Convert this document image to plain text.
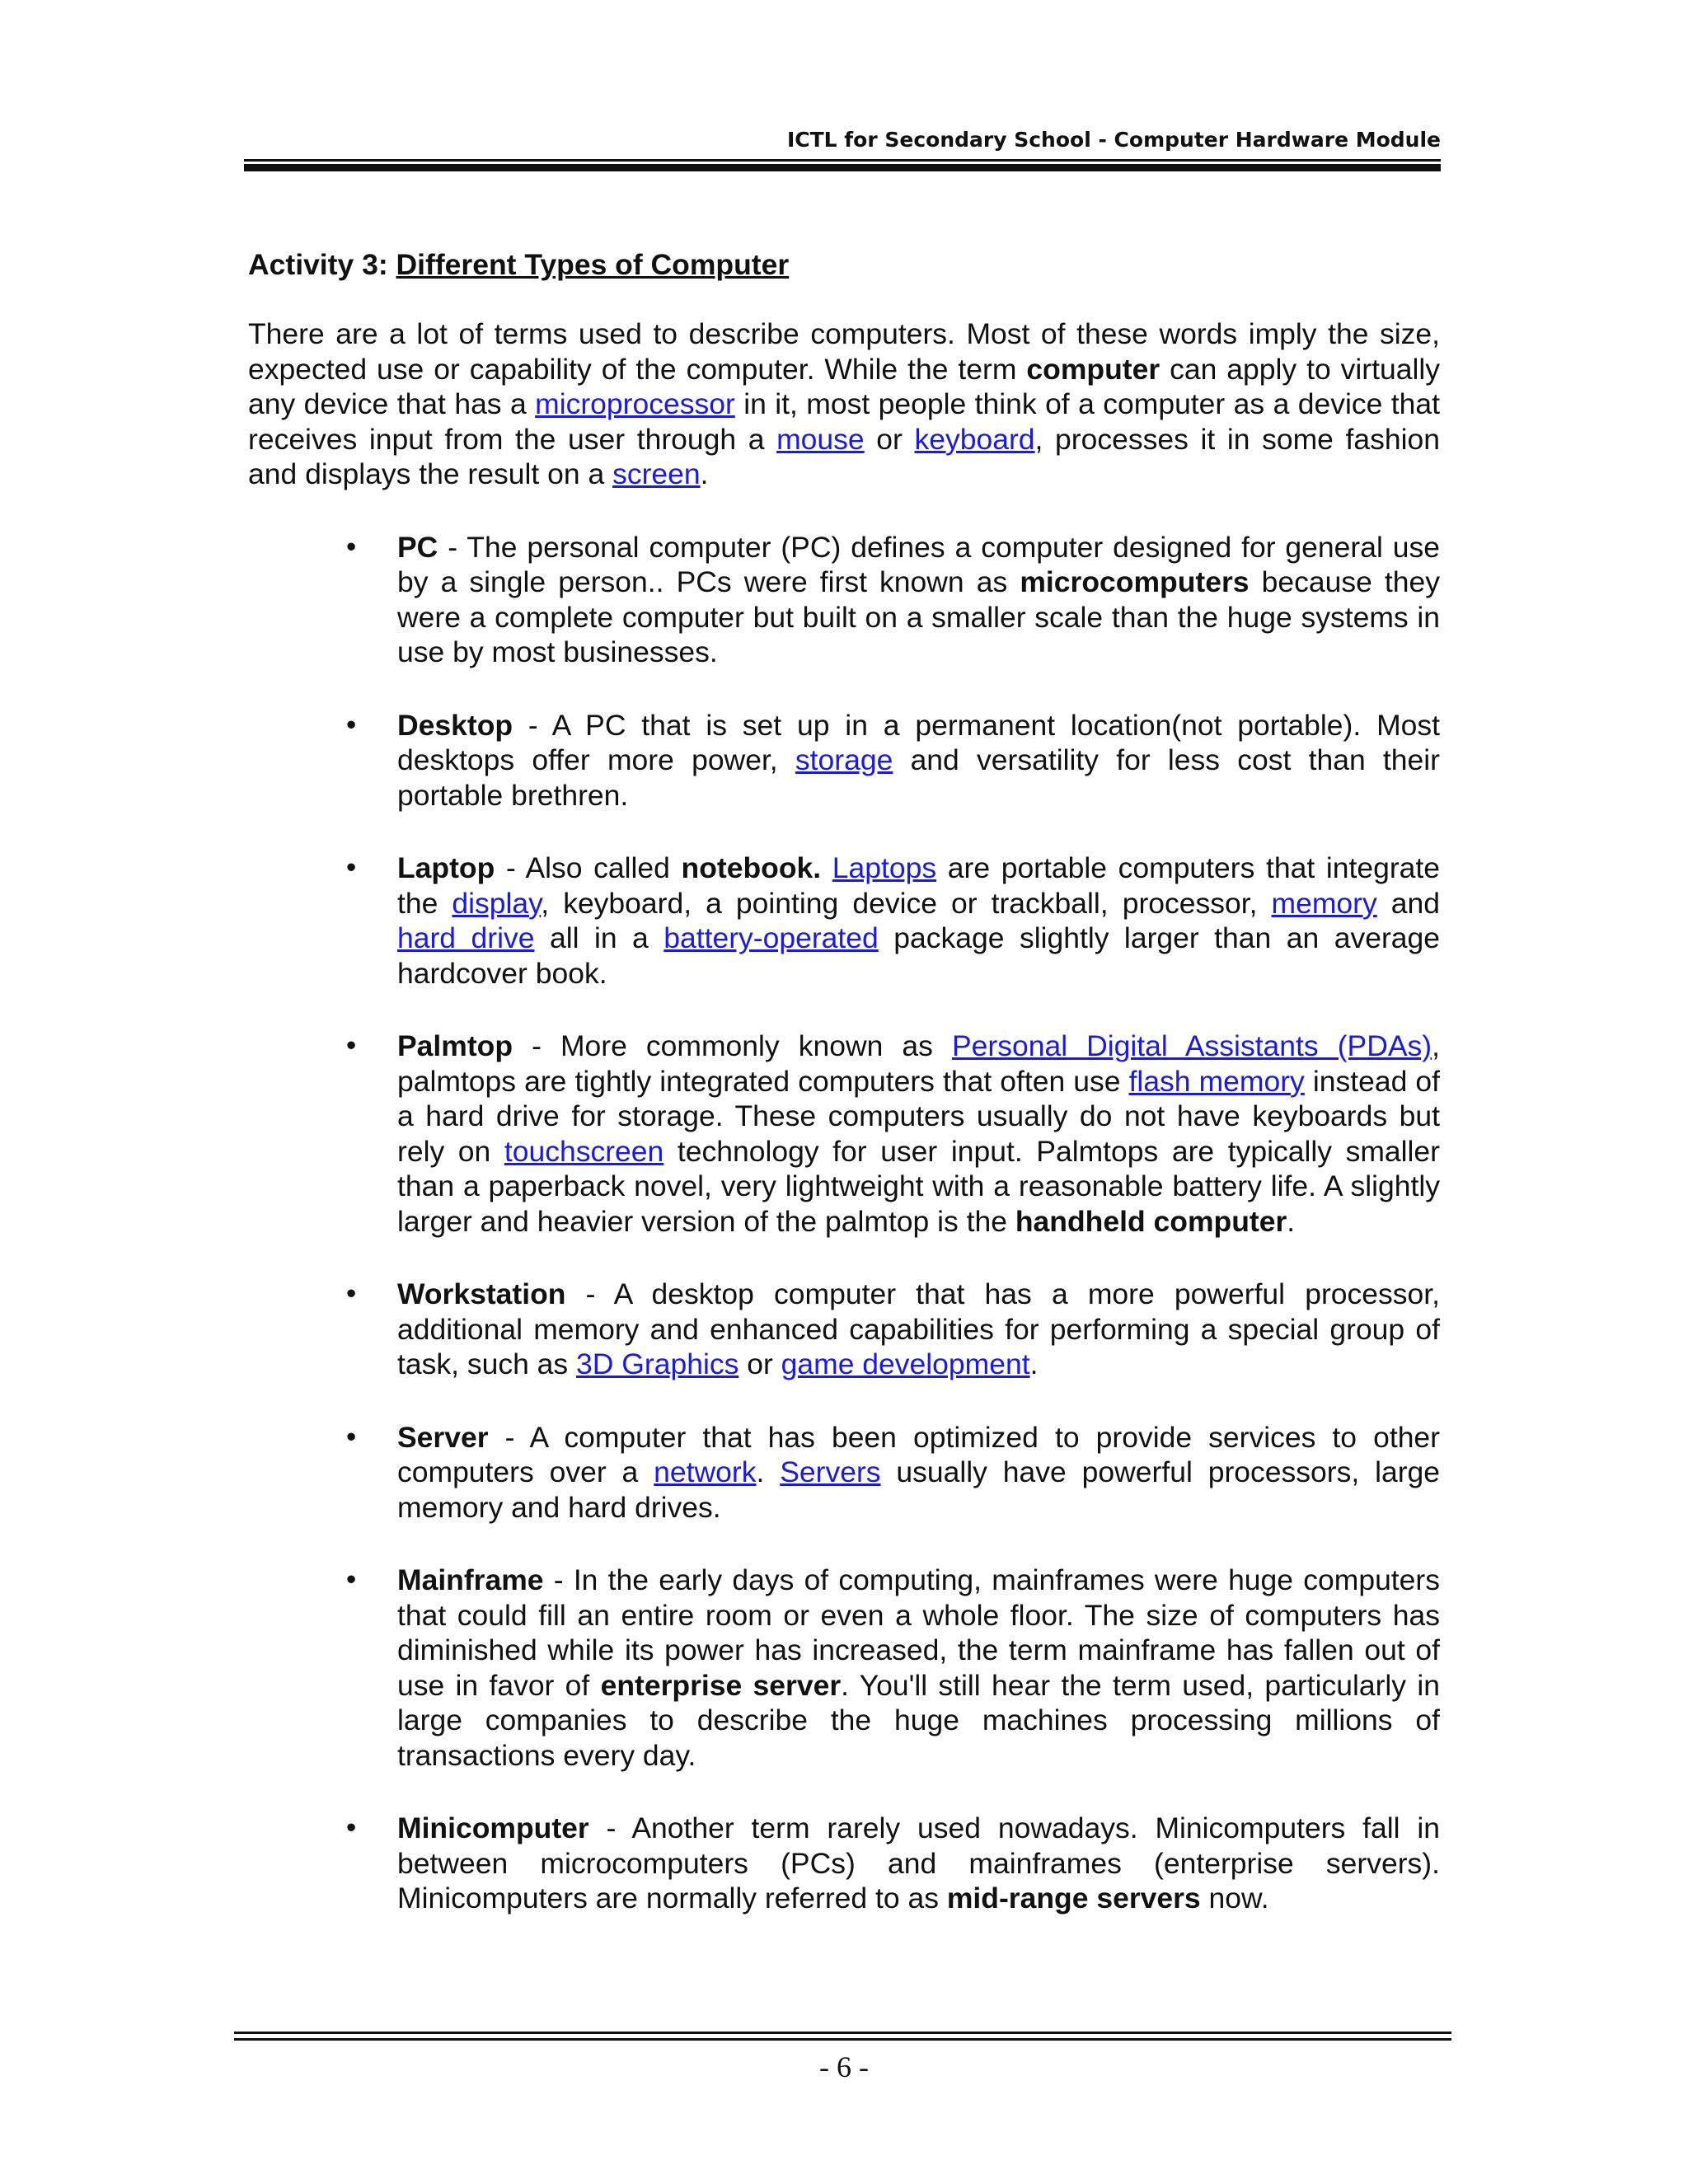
ICTL for Secondary School - Computer Hardware Module
Activity 3: Different Types of Computer

There are a lot of terms used to describe computers. Most of these words imply the size, expected use or capability of the computer. While the term computer can apply to virtually any device that has a microprocessor in it, most people think of a computer as a device that receives input from the user through a mouse or keyboard, processes it in some fashion and displays the result on a screen.

• PC - The personal computer (PC) defines a computer designed for general use by a single person.. PCs were first known as microcomputers because they were a complete computer but built on a smaller scale than the huge systems in use by most businesses.
• Desktop - A PC that is set up in a permanent location(not portable). Most desktops offer more power, storage and versatility for less cost than their portable brethren.
• Laptop - Also called notebook. Laptops are portable computers that integrate the display, keyboard, a pointing device or trackball, processor, memory and hard drive all in a battery-operated package slightly larger than an average hardcover book.
• Palmtop - More commonly known as Personal Digital Assistants (PDAs), palmtops are tightly integrated computers that often use flash memory instead of a hard drive for storage. These computers usually do not have keyboards but rely on touchscreen technology for user input. Palmtops are typically smaller than a paperback novel, very lightweight with a reasonable battery life. A slightly larger and heavier version of the palmtop is the handheld computer.
• Workstation - A desktop computer that has a more powerful processor, additional memory and enhanced capabilities for performing a special group of task, such as 3D Graphics or game development.
• Server - A computer that has been optimized to provide services to other computers over a network. Servers usually have powerful processors, large memory and hard drives.
• Mainframe - In the early days of computing, mainframes were huge computers that could fill an entire room or even a whole floor. The size of computers has diminished while its power has increased, the term mainframe has fallen out of use in favor of enterprise server. You'll still hear the term used, particularly in large companies to describe the huge machines processing millions of transactions every day.
• Minicomputer - Another term rarely used nowadays. Minicomputers fall in between microcomputers (PCs) and mainframes (enterprise servers). Minicomputers are normally referred to as mid-range servers now.
- 6 -
